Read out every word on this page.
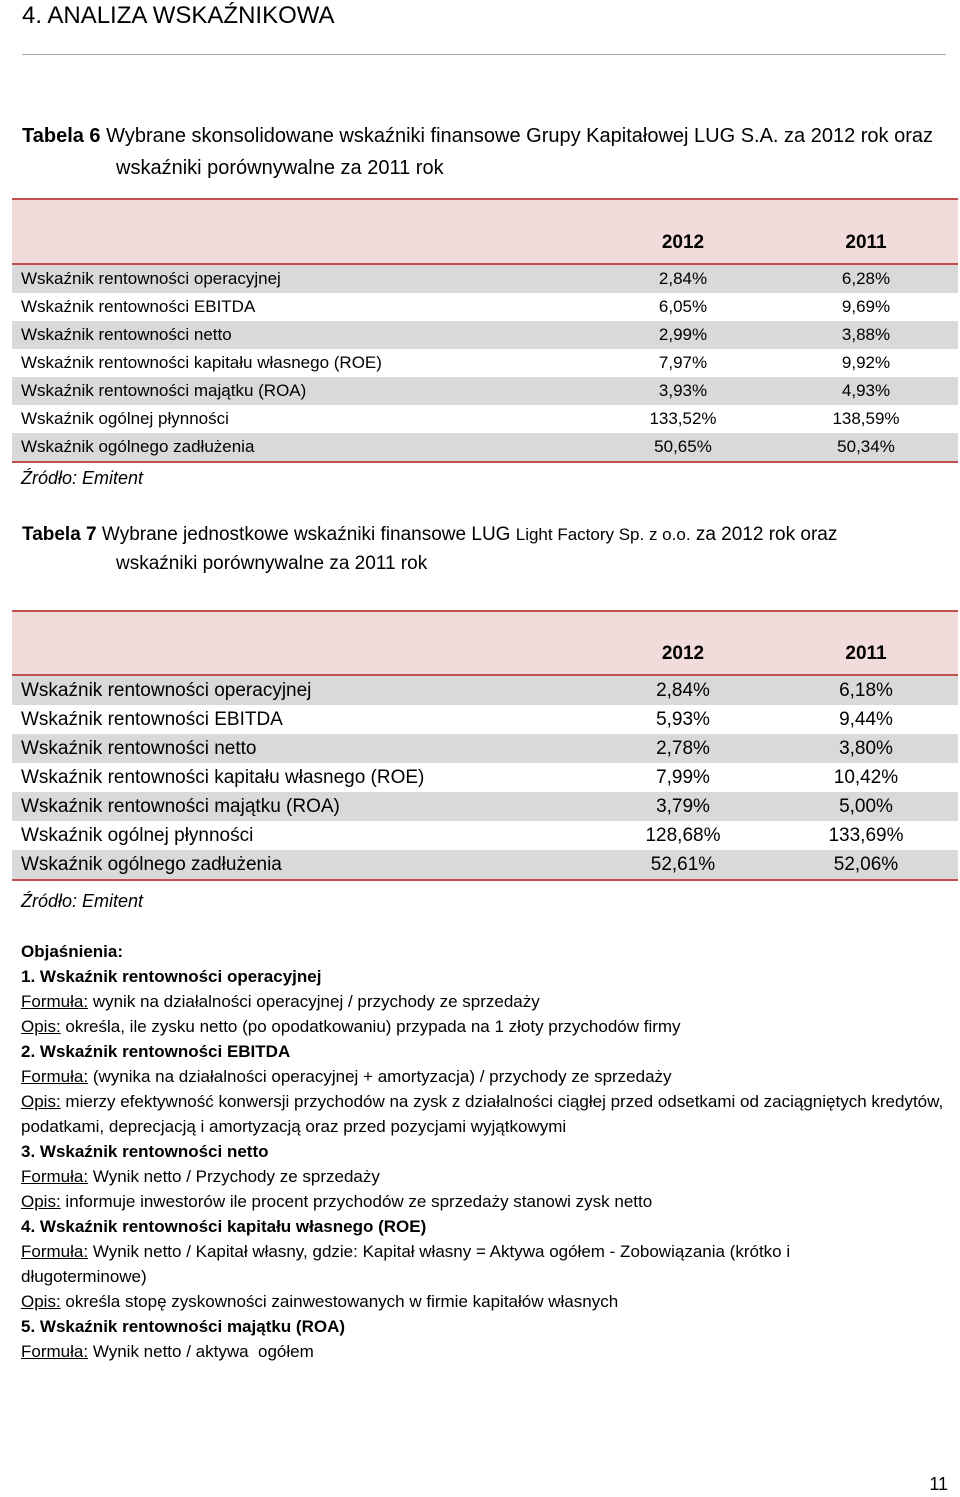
4. ANALIZA WSKAŹNIKOWA

Tabela 6 Wybrane skonsolidowane wskaźniki finansowe Grupy Kapitałowej LUG S.A. za 2012 rok oraz
wskaźniki porównywalne za 2011 rok

	2012	2011
Wskaźnik rentowności operacyjnej	2,84%	6,28%
Wskaźnik rentowności EBITDA	6,05%	9,69%
Wskaźnik rentowności netto	2,99%	3,88%
Wskaźnik rentowności kapitału własnego (ROE)	7,97%	9,92%
Wskaźnik rentowności majątku (ROA)	3,93%	4,93%
Wskaźnik ogólnej płynności	133,52%	138,59%
Wskaźnik ogólnego zadłużenia	50,65%	50,34%

Źródło: Emitent

Tabela 7 Wybrane jednostkowe wskaźniki finansowe LUG Light Factory Sp. z o.o. za 2012 rok oraz
wskaźniki porównywalne za 2011 rok

	2012	2011
Wskaźnik rentowności operacyjnej	2,84%	6,18%
Wskaźnik rentowności EBITDA	5,93%	9,44%
Wskaźnik rentowności netto	2,78%	3,80%
Wskaźnik rentowności kapitału własnego (ROE)	7,99%	10,42%
Wskaźnik rentowności majątku (ROA)	3,79%	5,00%
Wskaźnik ogólnej płynności	128,68%	133,69%
Wskaźnik ogólnego zadłużenia	52,61%	52,06%

Źródło: Emitent

Objaśnienia:

1. Wskaźnik rentowności operacyjnej

Formuła: wynik na działalności operacyjnej / przychody ze sprzedaży

Opis: określa, ile zysku netto (po opodatkowaniu) przypada na 1 złoty przychodów firmy

2. Wskaźnik rentowności EBITDA

Formuła: (wynika na działalności operacyjnej + amortyzacja) / przychody ze sprzedaży

Opis: mierzy efektywność konwersji przychodów na zysk z działalności ciągłej przed odsetkami od zaciągniętych kredytów, podatkami, deprecjacją i amortyzacją oraz przed pozycjami wyjątkowymi

3. Wskaźnik rentowności netto

Formuła: Wynik netto / Przychody ze sprzedaży

Opis: informuje inwestorów ile procent przychodów ze sprzedaży stanowi zysk netto

4. Wskaźnik rentowności kapitału własnego (ROE)

Formuła: Wynik netto / Kapitał własny, gdzie: Kapitał własny = Aktywa ogółem - Zobowiązania (krótko i długoterminowe)

Opis: określa stopę zyskowności zainwestowanych w firmie kapitałów własnych

5. Wskaźnik rentowności majątku (ROA)

Formuła: Wynik netto / aktywa  ogółem

11
